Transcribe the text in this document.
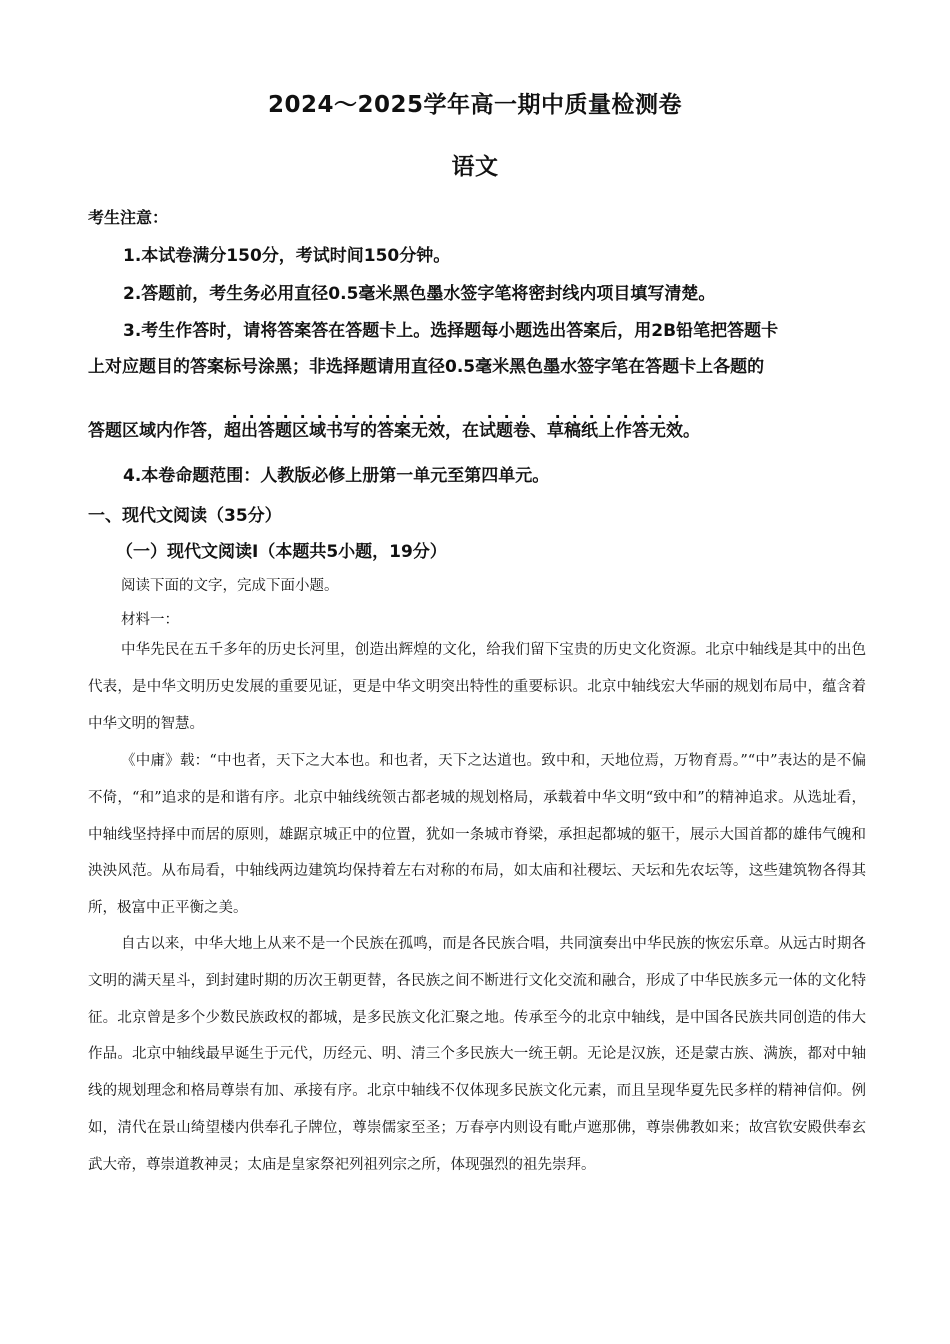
2024～2025学年高一期中质量检测卷
语文
考生注意：
1.本试卷满分150分，考试时间150分钟。
2.答题前，考生务必用直径0.5毫米黑色墨水签字笔将密封线内项目填写清楚。
3.考生作答时，请将答案答在答题卡上。选择题每小题选出答案后，用2B铅笔把答题卡
上对应题目的答案标号涂黑；非选择题请用直径0.5毫米黑色墨水签字笔在答题卡上各题的
答题区域内作答，超出答题区域书写的答案无效，在试题卷、草稿纸上作答无效。
4.本卷命题范围：人教版必修上册第一单元至第四单元。
一、现代文阅读（35分）
（一）现代文阅读Ⅰ（本题共5小题，19分）
阅读下面的文字，完成下面小题。
材料一：
中华先民在五千多年的历史长河里，创造出辉煌的文化，给我们留下宝贵的历史文化资源。北京中轴线是其中的出色代表，是中华文明历史发展的重要见证，更是中华文明突出特性的重要标识。北京中轴线宏大华丽的规划布局中，蕴含着中华文明的智慧。
《中庸》载：“中也者，天下之大本也。和也者，天下之达道也。致中和，天地位焉，万物育焉。”“中”表达的是不偏不倚，“和”追求的是和谐有序。北京中轴线统领古都老城的规划格局，承载着中华文明“致中和”的精神追求。从选址看，中轴线坚持择中而居的原则，雄踞京城正中的位置，犹如一条城市脊梁，承担起都城的躯干，展示大国首都的雄伟气魄和泱泱风范。从布局看，中轴线两边建筑均保持着左右对称的布局，如太庙和社稷坛、天坛和先农坛等，这些建筑物各得其所，极富中正平衡之美。
自古以来，中华大地上从来不是一个民族在孤鸣，而是各民族合唱，共同演奏出中华民族的恢宏乐章。从远古时期各文明的满天星斗，到封建时期的历次王朝更替，各民族之间不断进行文化交流和融合，形成了中华民族多元一体的文化特征。北京曾是多个少数民族政权的都城，是多民族文化汇聚之地。传承至今的北京中轴线，是中国各民族共同创造的伟大作品。北京中轴线最早诞生于元代，历经元、明、清三个多民族大一统王朝。无论是汉族，还是蒙古族、满族，都对中轴线的规划理念和格局尊崇有加、承接有序。北京中轴线不仅体现多民族文化元素，而且呈现华夏先民多样的精神信仰。例如，清代在景山绮望楼内供奉孔子牌位，尊崇儒家至圣；万春亭内则设有毗卢遮那佛，尊崇佛教如来；故宫钦安殿供奉玄武大帝，尊崇道教神灵；太庙是皇家祭祀列祖列宗之所，体现强烈的祖先崇拜。
